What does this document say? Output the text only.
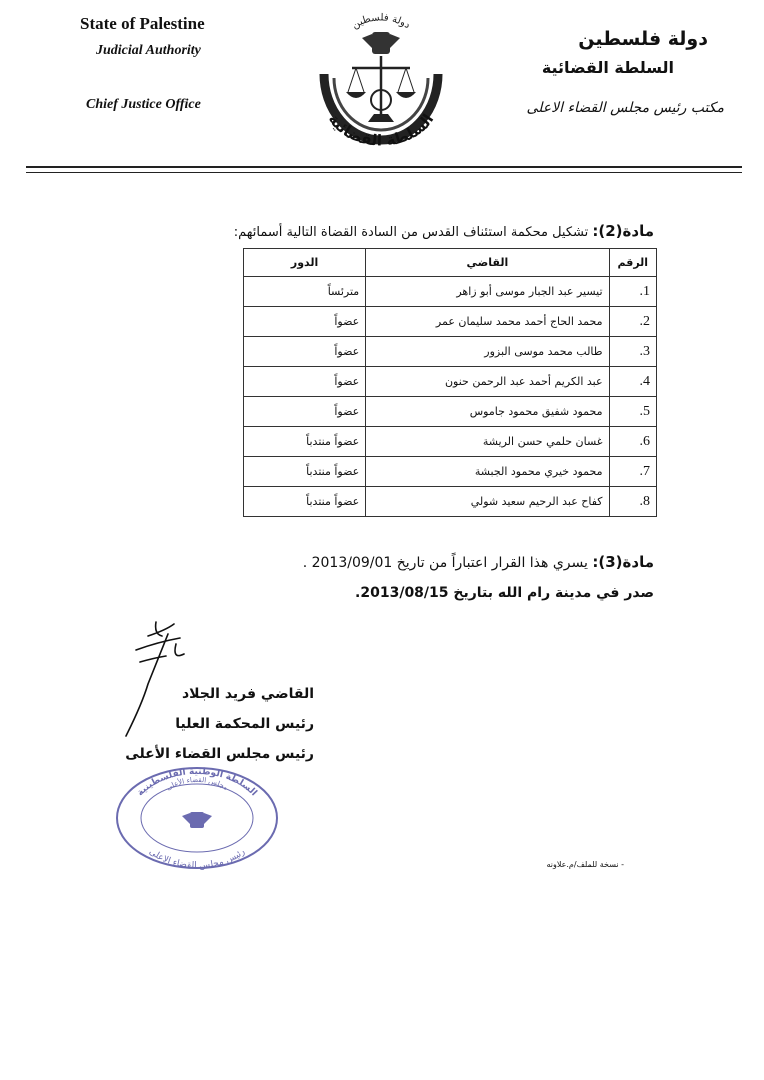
State of Palestine
Judicial Authority
Chief Justice Office
دولة فلسطين
السلطة القضائية
مكتب رئيس مجلس القضاء الاعلى
دولة فلسطين
السلطة القضائية
مادة(2): تشكيل محكمة استئناف القدس من السادة القضاة التالية أسمائهم:
الرقم	القاضي	الدور
1.	تيسير عبد الجبار موسى أبو زاهر	مترئساً
2.	محمد الحاج أحمد محمد سليمان عمر	عضواً
3.	طالب محمد موسى البزور	عضواً
4.	عبد الكريم أحمد عبد الرحمن حنون	عضواً
5.	محمود شفيق محمود جاموس	عضواً
6.	غسان حلمي حسن الريشة	عضواً منتدباً
7.	محمود خيري محمود الجبشة	عضواً منتدباً
8.	كفاح عبد الرحيم سعيد شولي	عضواً منتدباً
مادة(3): يسري هذا القرار اعتباراً من تاريخ 2013/09/01 .
صدر في مدينة رام الله بتاريخ 2013/08/15.
القاضي فريد الجلاد
رئيس المحكمة العليا
رئيس مجلس القضاء الأعلى
السلطة الوطنية الفلسطينية
مجلس القضاء الأعلى
رئيس مجلس القضاء الاعلى
- نسخة للملف/م.علاونه
